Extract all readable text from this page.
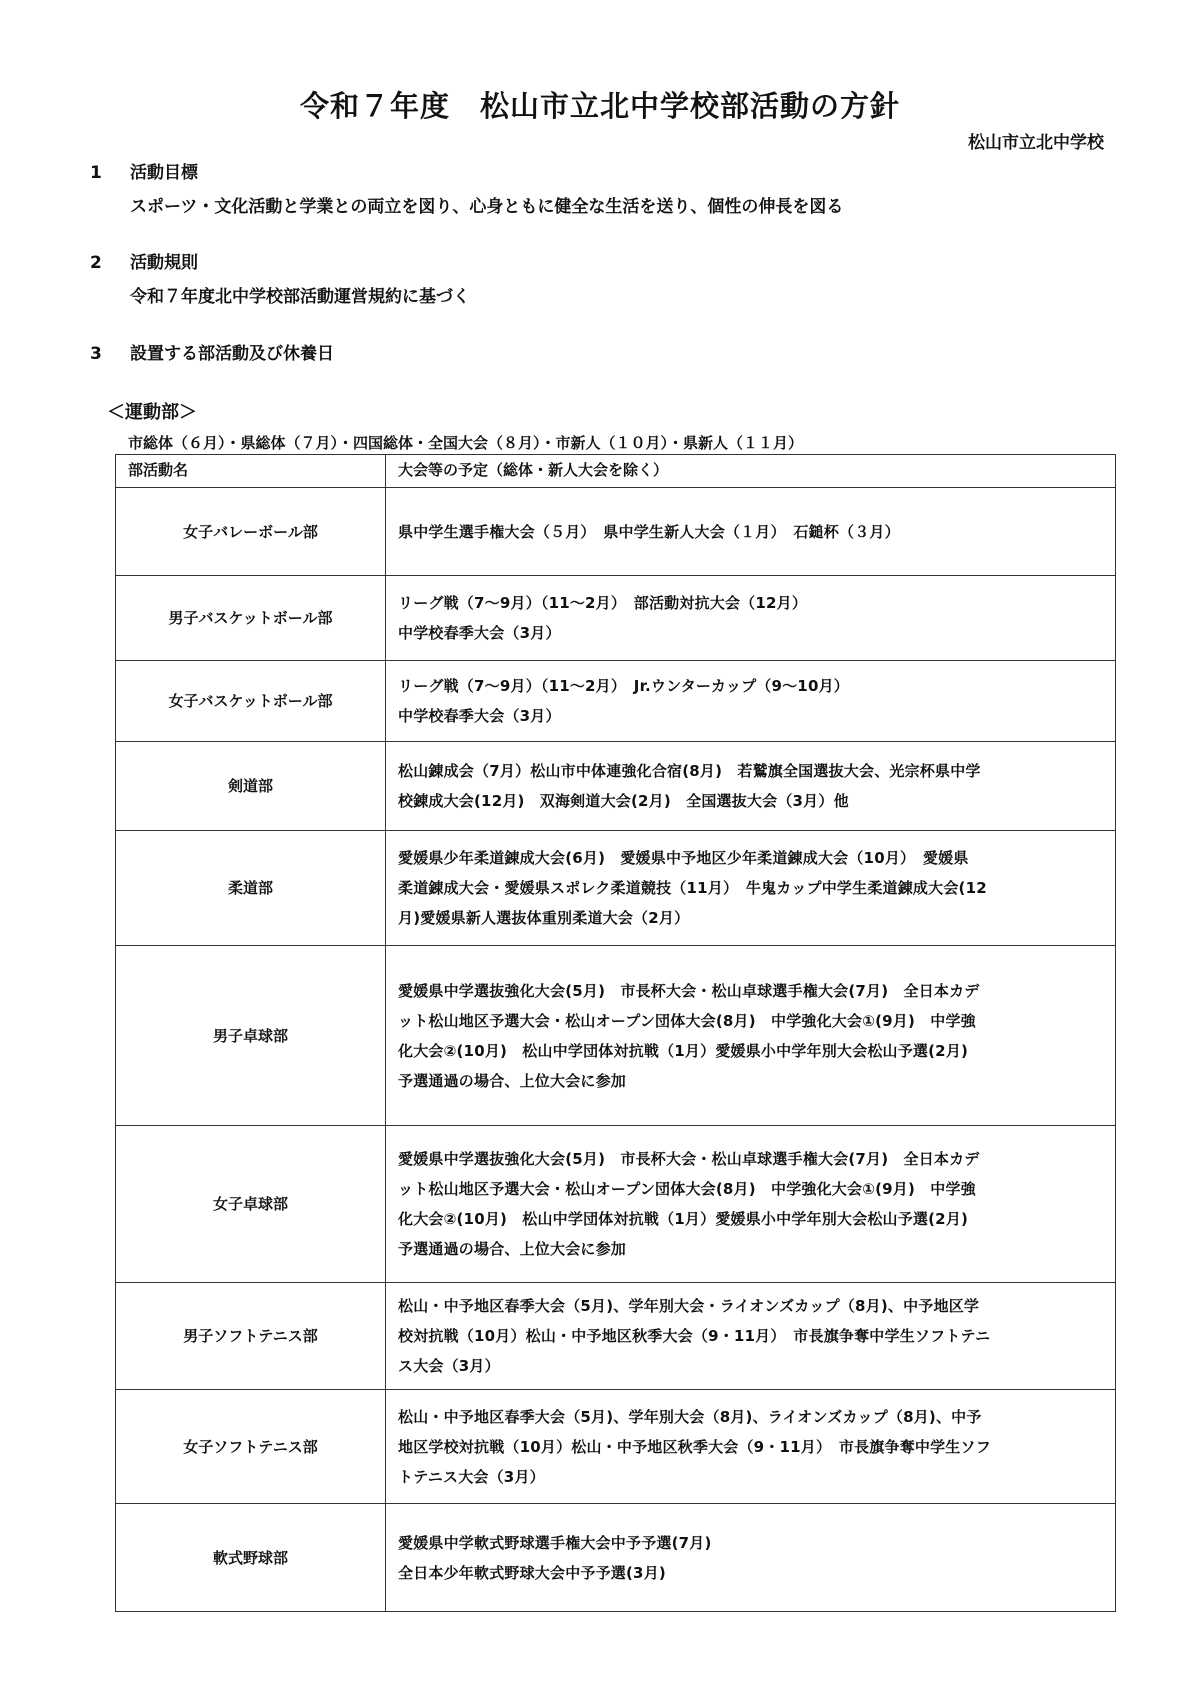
令和７年度　松山市立北中学校部活動の方針
松山市立北中学校
1 活動目標
スポーツ・文化活動と学業との両立を図り、心身ともに健全な生活を送り、個性の伸長を図る
2 活動規則
令和７年度北中学校部活動運営規約に基づく
3 設置する部活動及び休養日
＜運動部＞
市総体（６月）・県総体（７月）・四国総体・全国大会（８月）・市新人（１０月）・県新人（１１月）
部活動名	大会等の予定（総体・新人大会を除く）
女子バレーボール部	県中学生選手権大会（５月）　県中学生新人大会（１月）　石鎚杯（３月）

男子バスケットボール部	リーグ戦（7～9月）（11～2月）　部活動対抗大会（12月）
中学校春季大会（3月）

女子バスケットボール部	リーグ戦（7～9月）（11～2月）　Jr.ウンターカップ（9～10月）
中学校春季大会（3月）

剣道部	松山錬成会（7月）松山市中体連強化合宿(8月)　若鷲旗全国選抜大会、光宗杯県中学
校錬成大会(12月)　双海剣道大会(2月)　全国選抜大会（3月）他

柔道部	愛媛県少年柔道錬成大会(6月)　愛媛県中予地区少年柔道錬成大会（10月）　愛媛県
柔道錬成大会・愛媛県スポレク柔道競技（11月）　牛鬼カップ中学生柔道錬成大会(12
月)愛媛県新人選抜体重別柔道大会（2月）

男子卓球部	愛媛県中学選抜強化大会(5月)　市長杯大会・松山卓球選手権大会(7月)　全日本カデ
ット松山地区予選大会・松山オープン団体大会(8月)　中学強化大会①(9月)　中学強
化大会②(10月)　松山中学団体対抗戦（1月）愛媛県小中学年別大会松山予選(2月)
予選通過の場合、上位大会に参加

女子卓球部	愛媛県中学選抜強化大会(5月)　市長杯大会・松山卓球選手権大会(7月)　全日本カデ
ット松山地区予選大会・松山オープン団体大会(8月)　中学強化大会①(9月)　中学強
化大会②(10月)　松山中学団体対抗戦（1月）愛媛県小中学年別大会松山予選(2月)
予選通過の場合、上位大会に参加

男子ソフトテニス部	松山・中予地区春季大会（5月)、学年別大会・ライオンズカップ（8月)、中予地区学
校対抗戦（10月）松山・中予地区秋季大会（9・11月）　市長旗争奪中学生ソフトテニ
ス大会（3月）

女子ソフトテニス部	松山・中予地区春季大会（5月)、学年別大会（8月)、ライオンズカップ（8月)、中予
地区学校対抗戦（10月）松山・中予地区秋季大会（9・11月）　市長旗争奪中学生ソフ
トテニス大会（3月）

軟式野球部	愛媛県中学軟式野球選手権大会中予予選(7月)
全日本少年軟式野球大会中予予選(3月)
